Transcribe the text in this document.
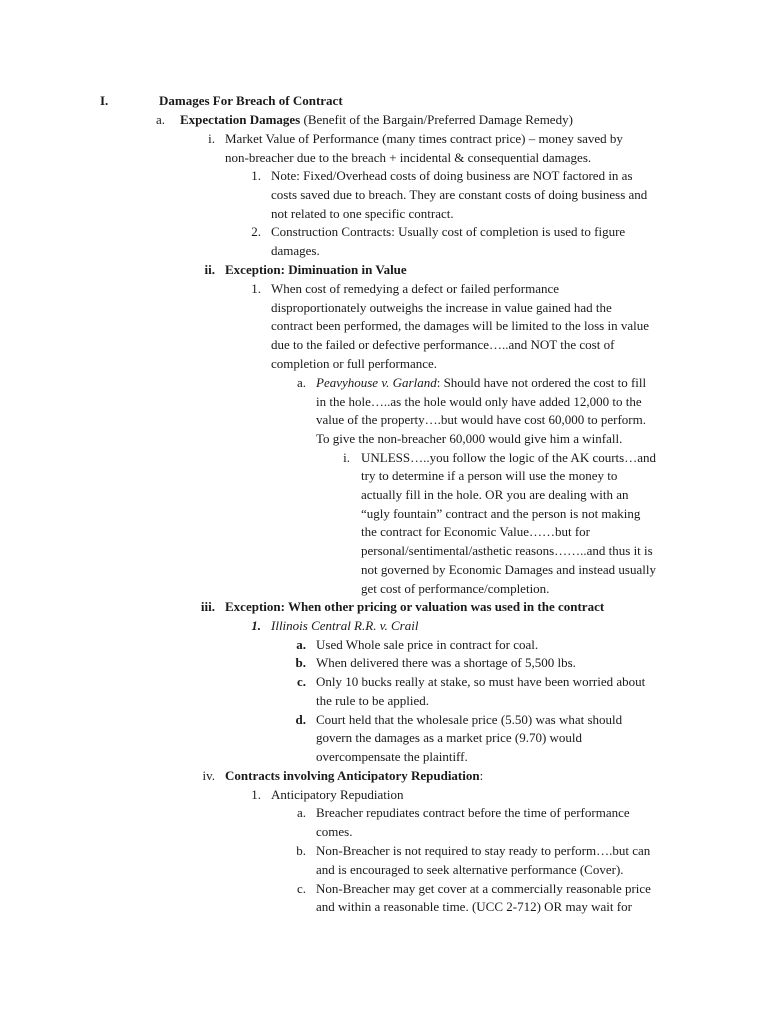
I.	Damages For Breach of Contract
a. Expectation Damages (Benefit of the Bargain/Preferred Damage Remedy)
i. Market Value of Performance (many times contract price) – money saved by
non-breacher due to the breach + incidental & consequential damages.
1. Note: Fixed/Overhead costs of doing business are NOT factored in as
costs saved due to breach. They are constant costs of doing business and
not related to one specific contract.
2. Construction Contracts: Usually cost of completion is used to figure
damages.
ii. Exception: Diminuation in Value
1. When cost of remedying a defect or failed performance
disproportionately outweighs the increase in value gained had the
contract been performed, the damages will be limited to the loss in value
due to the failed or defective performance…..and NOT the cost of
completion or full performance.
a. Peavyhouse v. Garland: Should have not ordered the cost to fill
in the hole…..as the hole would only have added 12,000 to the
value of the property….but would have cost 60,000 to perform.
To give the non-breacher 60,000 would give him a winfall.
i. UNLESS…..you follow the logic of the AK courts…and
try to determine if a person will use the money to
actually fill in the hole. OR you are dealing with an
“ugly fountain” contract and the person is not making
the contract for Economic Value……but for
personal/sentimental/asthetic reasons……..and thus it is
not governed by Economic Damages and instead usually
get cost of performance/completion.
iii. Exception: When other pricing or valuation was used in the contract
1. Illinois Central R.R. v. Crail
a. Used Whole sale price in contract for coal.
b. When delivered there was a shortage of 5,500 lbs.
c. Only 10 bucks really at stake, so must have been worried about
the rule to be applied.
d. Court held that the wholesale price (5.50) was what should
govern the damages as a market price (9.70) would
overcompensate the plaintiff.
iv. Contracts involving Anticipatory Repudiation:
1. Anticipatory Repudiation
a. Breacher repudiates contract before the time of performance
comes.
b. Non-Breacher is not required to stay ready to perform….but can
and is encouraged to seek alternative performance (Cover).
c. Non-Breacher may get cover at a commercially reasonable price
and within a reasonable time. (UCC 2-712) OR may wait for
